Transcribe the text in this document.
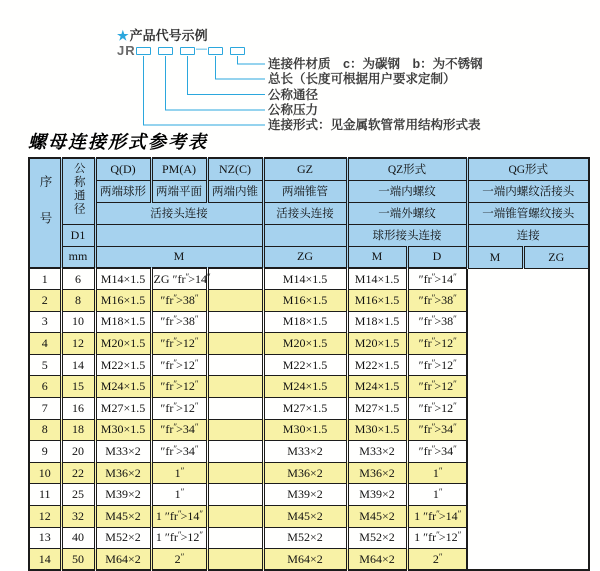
★产品代号示例
JR	—
连接件材质　c：为碳钢　b：为不锈钢
总长（长度可根据用户要求定制）
公称通径
公称压力
连接形式：见金属软管常用结构形式表
螺母连接形式参考表
序号	公称通径	Q(D)	PM(A)	NZ(C)	GZ	QZ形式		QG形式	
		两端球形	两端平面	两端内锥	两端锥管	一端内螺纹		一端内螺纹活接头	
		活接头连接			活接头连接	一端外螺纹		一端锥管螺纹接头	
	D1					球形接头连接		连接	
	mm	M			ZG	M	D	M	ZG
1	6	M14×1.5	ZG ″fr″>14″		M14×1.5	M14×1.5	″fr″>14″
2	8	M16×1.5	″fr″>38″		M16×1.5	M16×1.5	″fr″>38″
3	10	M18×1.5	″fr″>38″		M18×1.5	M18×1.5	″fr″>38″
4	12	M20×1.5	″fr″>12″		M20×1.5	M20×1.5	″fr″>12″
5	14	M22×1.5	″fr″>12″		M22×1.5	M22×1.5	″fr″>12″
6	15	M24×1.5	″fr″>12″		M24×1.5	M24×1.5	″fr″>12″
7	16	M27×1.5	″fr″>12″		M27×1.5	M27×1.5	″fr″>12″
8	18	M30×1.5	″fr″>34″		M30×1.5	M30×1.5	″fr″>34″
9	20	M33×2	″fr″>34″		M33×2	M33×2	″fr″>34″
10	22	M36×2	1″		M36×2	M36×2	1″
11	25	M39×2	1″		M39×2	M39×2	1″
12	32	M45×2	1 ″fr″>14″		M45×2	M45×2	1 ″fr″>14″
13	40	M52×2	1 ″fr″>12″		M52×2	M52×2	1 ″fr″>12″
14	50	M64×2	2″		M64×2	M64×2	2″
